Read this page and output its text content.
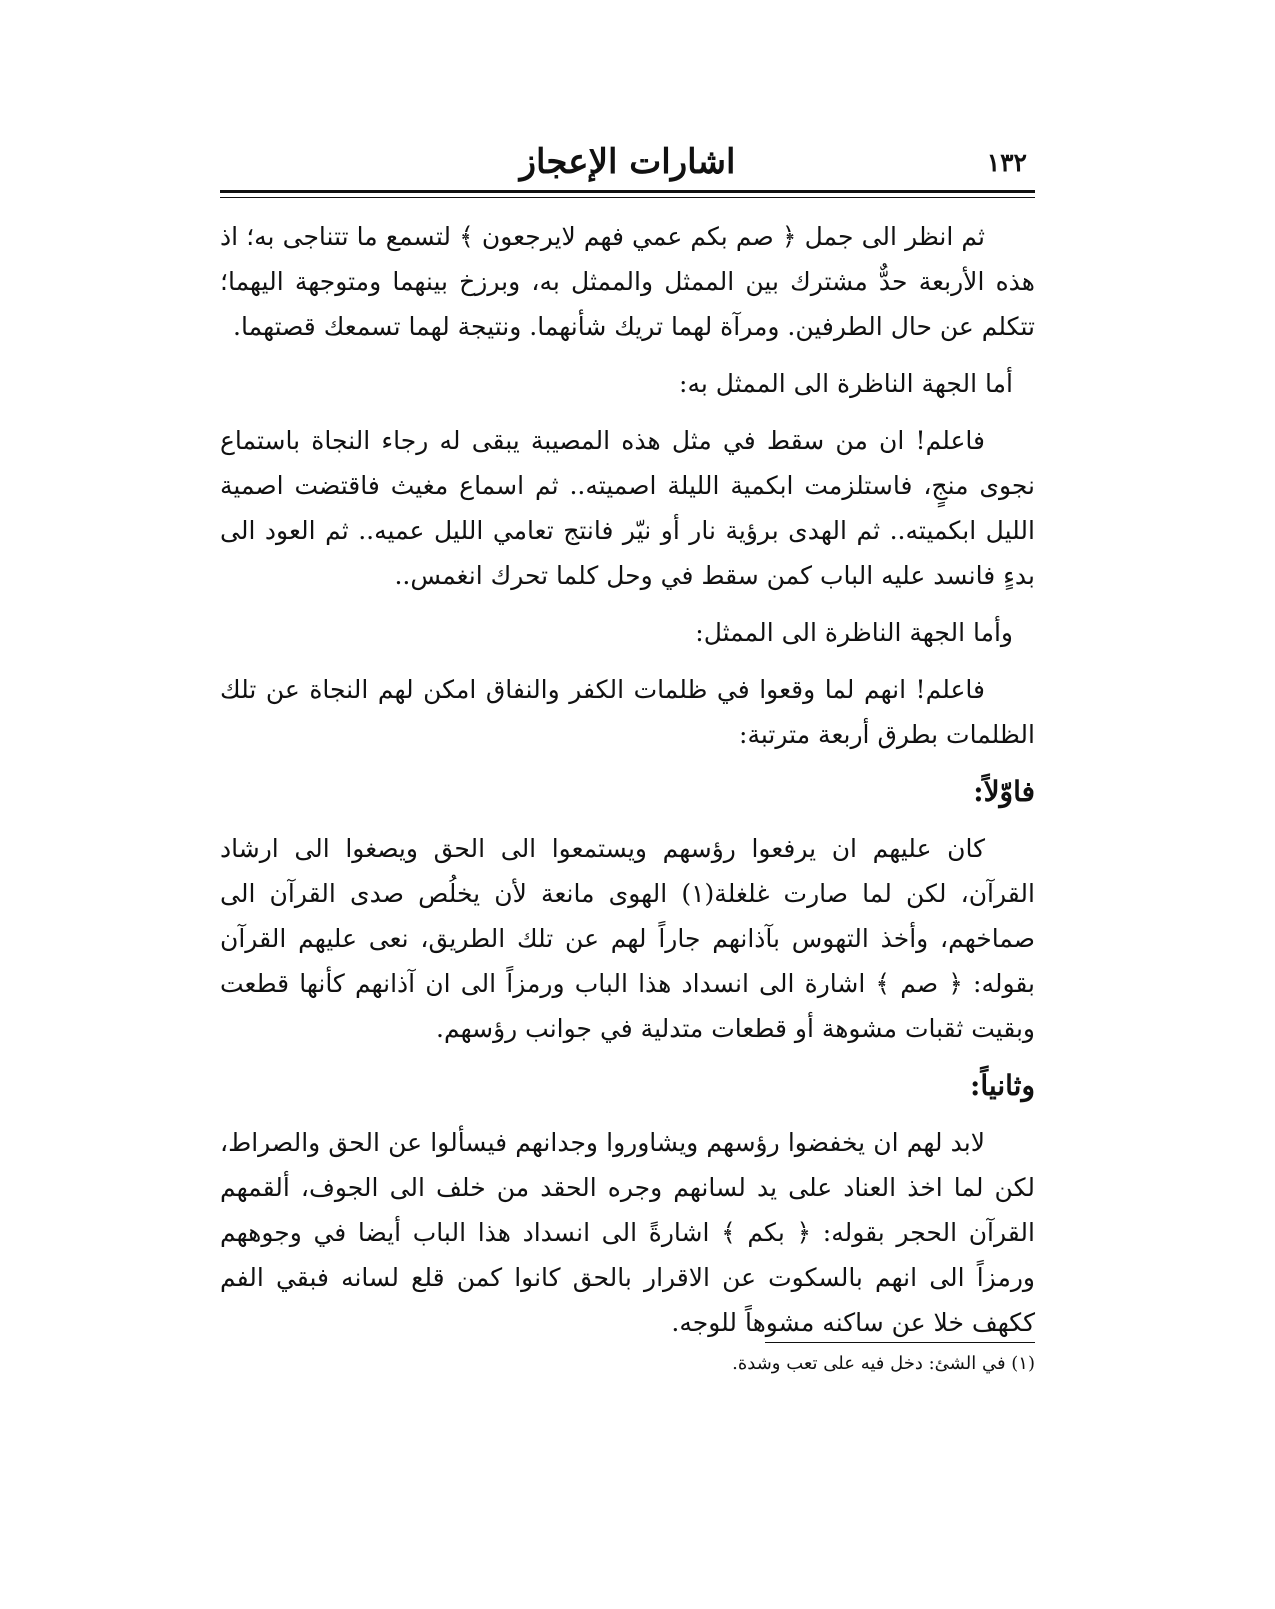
١٣٢
اشارات الإعجاز

ثم انظر الى جمل ﴿ صم بكم عمي فهم لايرجعون ﴾ لتسمع ما تتناجى به؛ اذ هذه الأربعة حدٌّ مشترك بين الممثل والممثل به، وبرزخ بينهما ومتوجهة اليهما؛ تتكلم عن حال الطرفين. ومرآة لهما تريك شأنهما. ونتيجة لهما تسمعك قصتهما.

أما الجهة الناظرة الى الممثل به:

فاعلم! ان من سقط في مثل هذه المصيبة يبقى له رجاء النجاة باستماع نجوى منجٍ، فاستلزمت ابكمية الليلة اصميته.. ثم اسماع مغيث فاقتضت اصمية الليل ابكميته.. ثم الهدى برؤية نار أو نيّر فانتج تعامي الليل عميه.. ثم العود الى بدءٍ فانسد عليه الباب كمن سقط في وحل كلما تحرك انغمس..

وأما الجهة الناظرة الى الممثل:

فاعلم! انهم لما وقعوا في ظلمات الكفر والنفاق امكن لهم النجاة عن تلك الظلمات بطرق أربعة مترتبة:

فاوّلاً:

كان عليهم ان يرفعوا رؤسهم ويستمعوا الى الحق ويصغوا الى ارشاد القرآن، لكن لما صارت غلغلة(١) الهوى مانعة لأن يخلُص صدى القرآن الى صماخهم، وأخذ التهوس بآذانهم جاراً لهم عن تلك الطريق، نعى عليهم القرآن بقوله: ﴿ صم ﴾ اشارة الى انسداد هذا الباب ورمزاً الى ان آذانهم كأنها قطعت وبقيت ثقبات مشوهة أو قطعات متدلية في جوانب رؤسهم.

وثانياً:

لابد لهم ان يخفضوا رؤسهم ويشاوروا وجدانهم فيسألوا عن الحق والصراط، لكن لما اخذ العناد على يد لسانهم وجره الحقد من خلف الى الجوف، ألقمهم القرآن الحجر بقوله: ﴿ بكم ﴾ اشارةً الى انسداد هذا الباب أيضا في وجوههم ورمزاً الى انهم بالسكوت عن الاقرار بالحق كانوا كمن قلع لسانه فبقي الفم ككهف خلا عن ساكنه مشوهاً للوجه.

(١) في الشئ: دخل فيه على تعب وشدة.
